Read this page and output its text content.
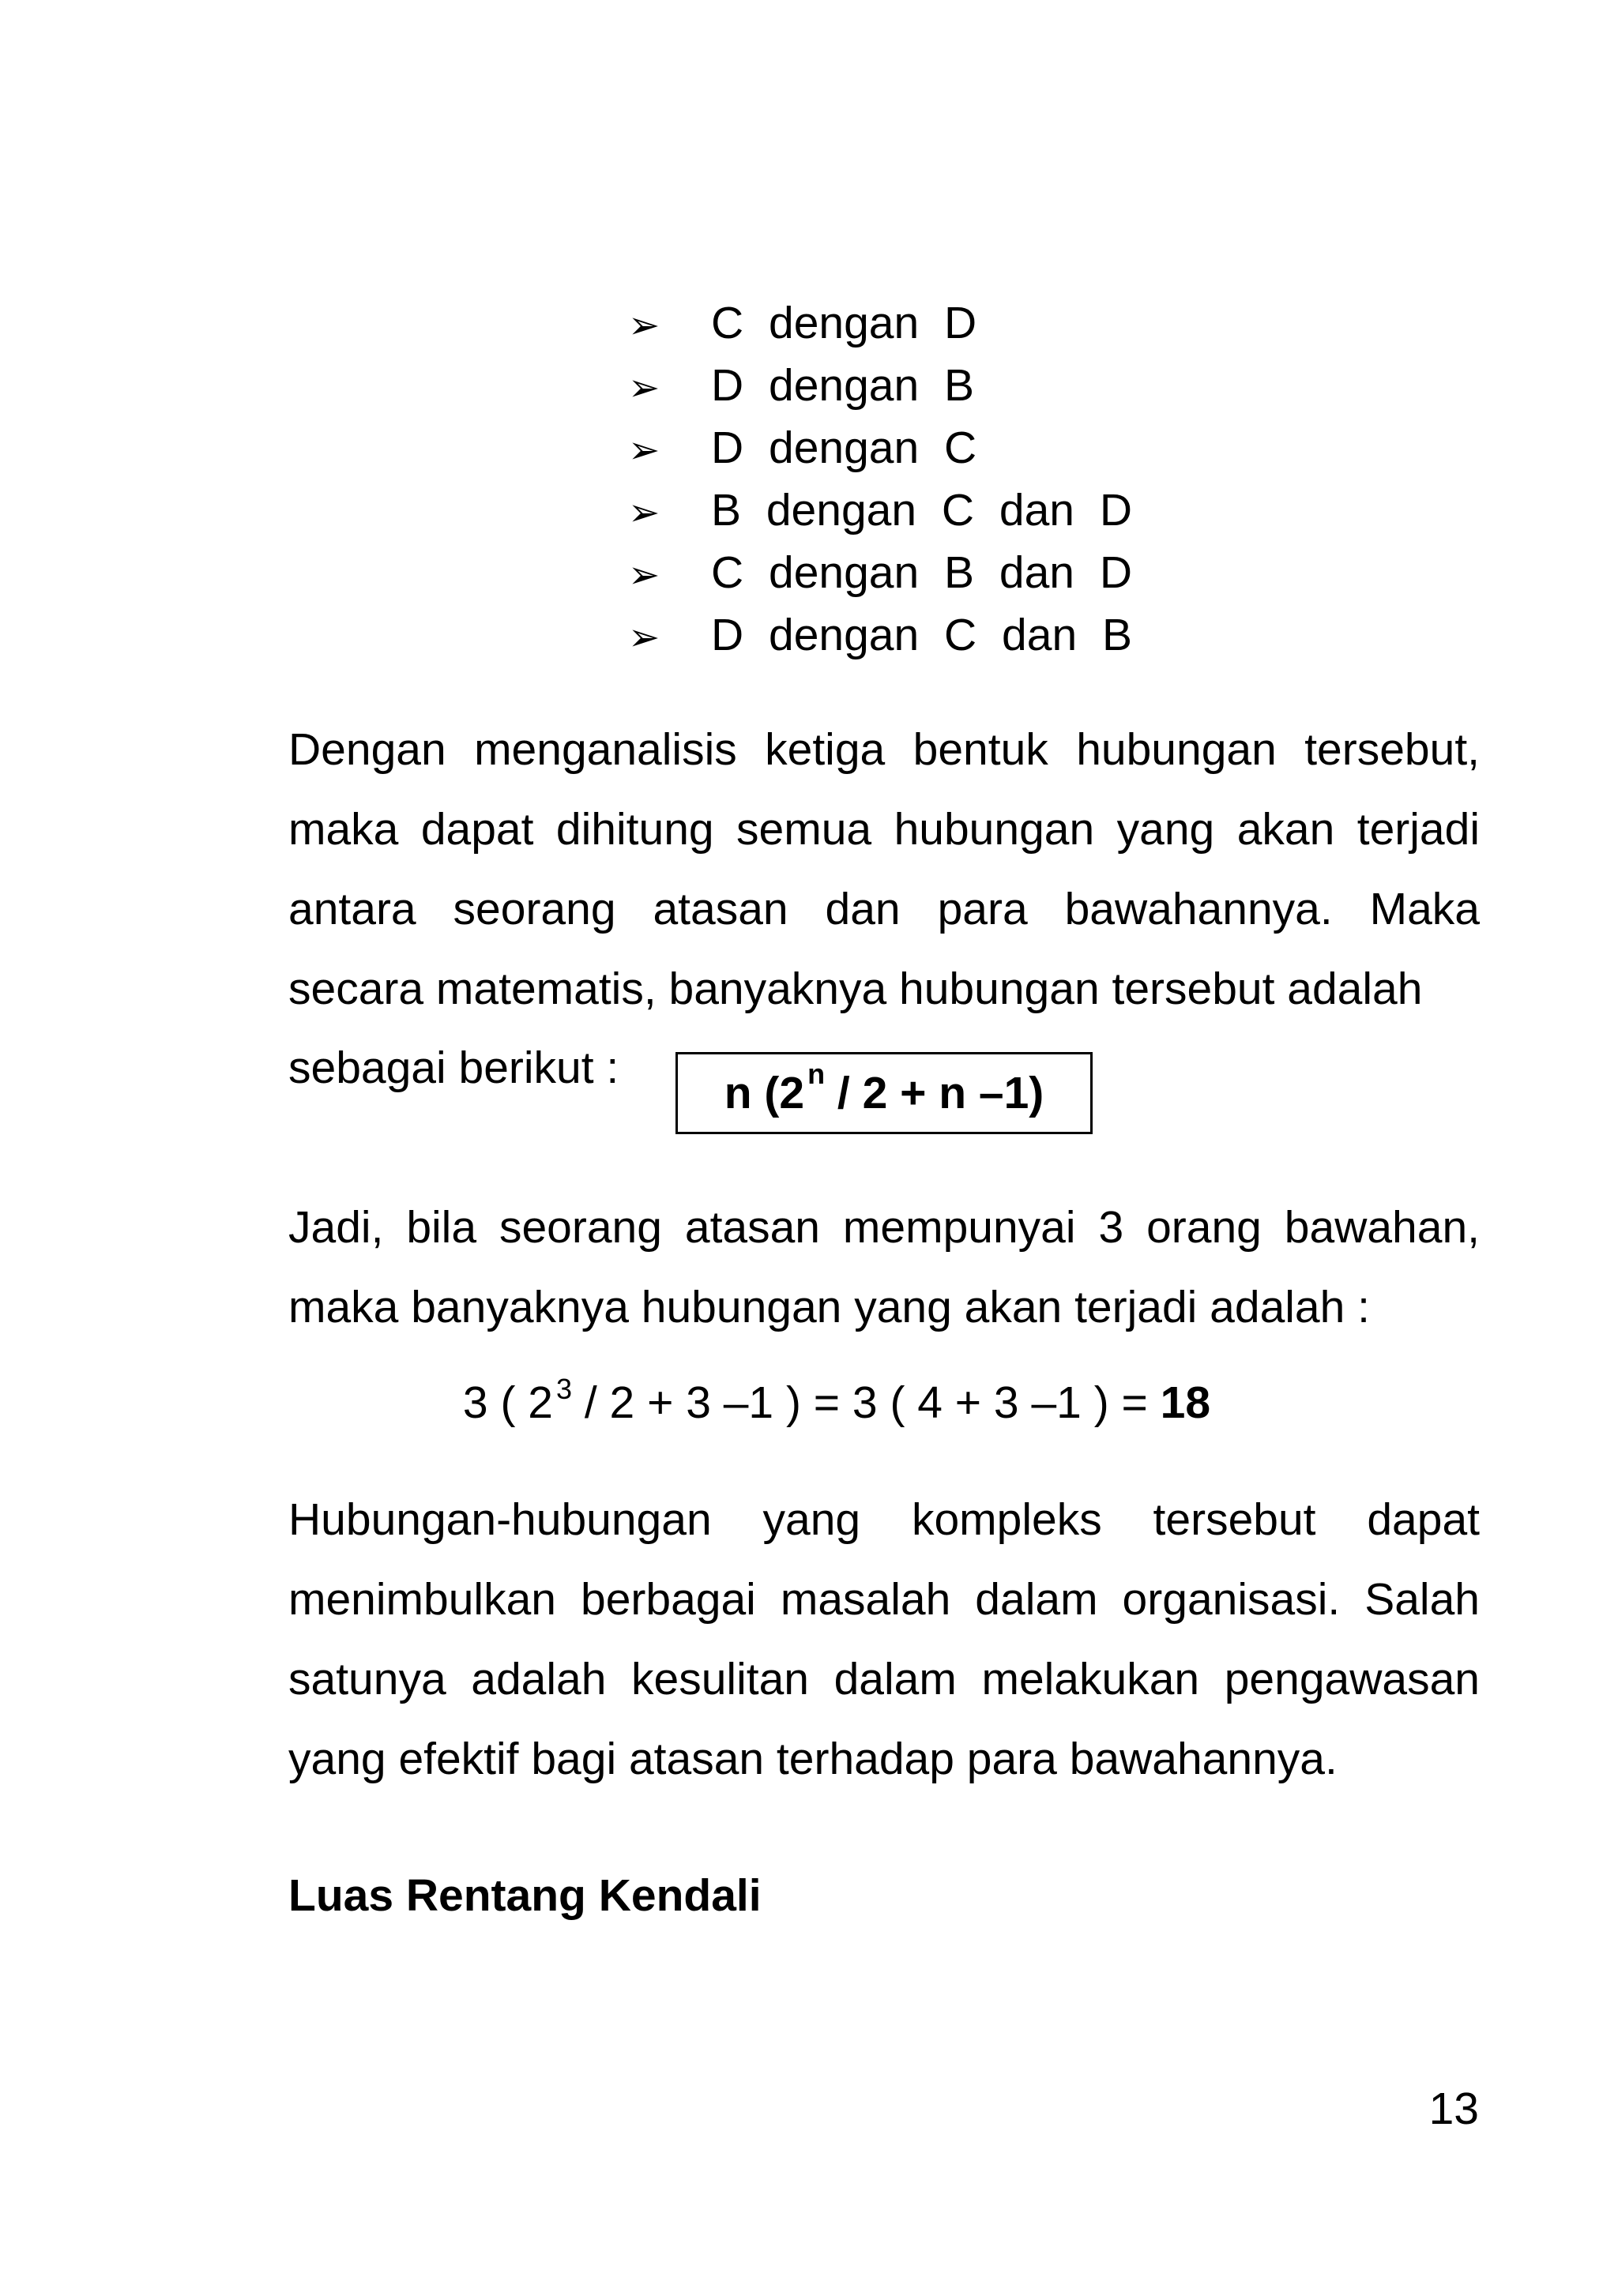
➢ C dengan D
➢ D dengan B
➢ D dengan C
➢ B dengan C dan D
➢ C dengan B dan D
➢ D dengan C dan B

Dengan menganalisis ketiga bentuk hubungan tersebut, maka dapat dihitung semua hubungan yang akan terjadi antara seorang atasan dan para bawahannya. Maka secara matematis, banyaknya hubungan tersebut adalah

sebagai berikut : n (2 n
/ 2 + n –1)

Jadi, bila seorang atasan mempunyai 3 orang bawahan, maka banyaknya hubungan yang akan terjadi adalah :

3 ( 2 $^3$ / 2 + 3 –1 ) = 3 ( 4 + 3 –1 ) = 18

Hubungan-hubungan yang kompleks tersebut dapat menimbulkan berbagai masalah dalam organisasi. Salah satunya adalah kesulitan dalam melakukan pengawasan yang efektif bagi atasan terhadap para bawahannya.

Luas Rentang Kendali
13
